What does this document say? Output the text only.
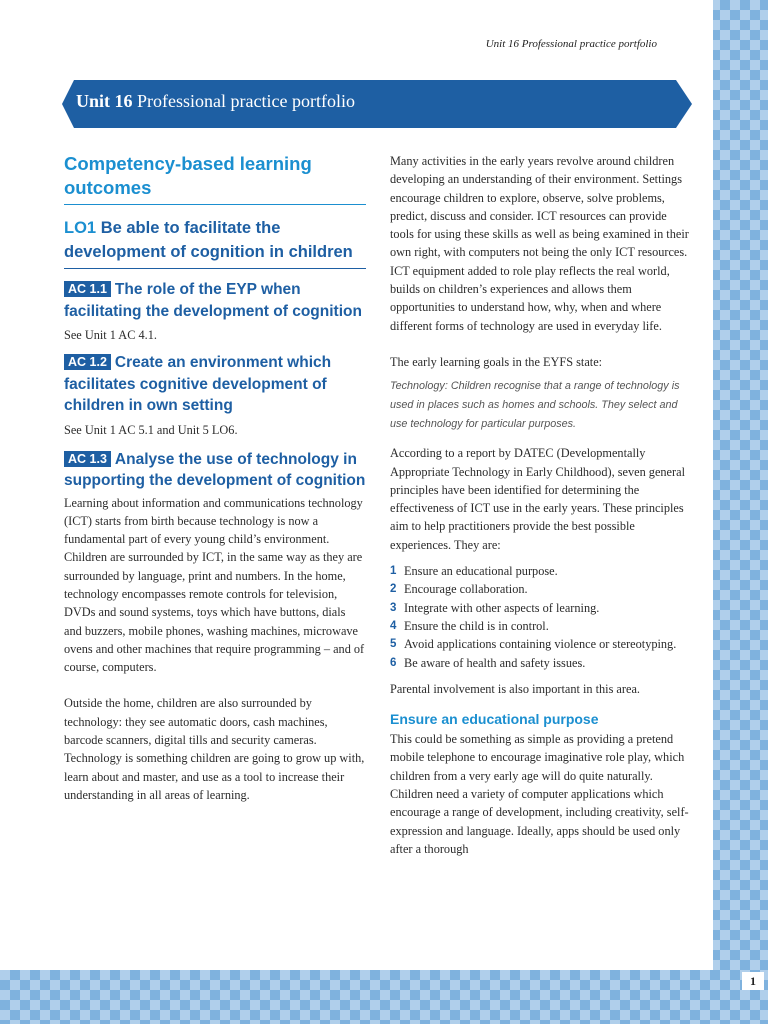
Unit 16 Professional practice portfolio
Unit 16 Professional practice portfolio
Competency-based learning outcomes
LO1 Be able to facilitate the development of cognition in children
AC 1.1 The role of the EYP when facilitating the development of cognition

See Unit 1 AC 4.1.

AC 1.2 Create an environment which facilitates cognitive development of children in own setting

See Unit 1 AC 5.1 and Unit 5 LO6.

AC 1.3 Analyse the use of technology in supporting the development of cognition

Learning about information and communications technology (ICT) starts from birth because technology is now a fundamental part of every young child’s environment. Children are surrounded by ICT, in the same way as they are surrounded by language, print and numbers. In the home, technology encompasses remote controls for television, DVDs and sound systems, toys which have buttons, dials and buzzers, mobile phones, washing machines, microwave ovens and other machines that require programming – and of course, computers.

Outside the home, children are also surrounded by technology: they see automatic doors, cash machines, barcode scanners, digital tills and security cameras. Technology is something children are going to grow up with, learn about and master, and use as a tool to increase their understanding in all areas of learning.

Many activities in the early years revolve around children developing an understanding of their environment. Settings encourage children to explore, observe, solve problems, predict, discuss and consider. ICT resources can provide tools for using these skills as well as being examined in their own right, with computers not being the only ICT resources. ICT equipment added to role play reflects the real world, builds on children’s experiences and allows them opportunities to understand how, why, when and where different forms of technology are used in everyday life.

The early learning goals in the EYFS state:

Technology: Children recognise that a range of technology is used in places such as homes and schools. They select and use technology for particular purposes.

According to a report by DATEC (Developmentally Appropriate Technology in Early Childhood), seven general principles have been identified for determining the effectiveness of ICT use in the early years. These principles aim to help practitioners provide the best possible experiences. They are:

1 Ensure an educational purpose.
2 Encourage collaboration.
3 Integrate with other aspects of learning.
4 Ensure the child is in control.
5 Avoid applications containing violence or stereotyping.
6 Be aware of health and safety issues.

Parental involvement is also important in this area.

Ensure an educational purpose

This could be something as simple as providing a pretend mobile telephone to encourage imaginative role play, which children from a very early age will do quite naturally. Children need a variety of computer applications which encourage a range of development, including creativity, self-expression and language. Ideally, apps should be used only after a thorough

1
